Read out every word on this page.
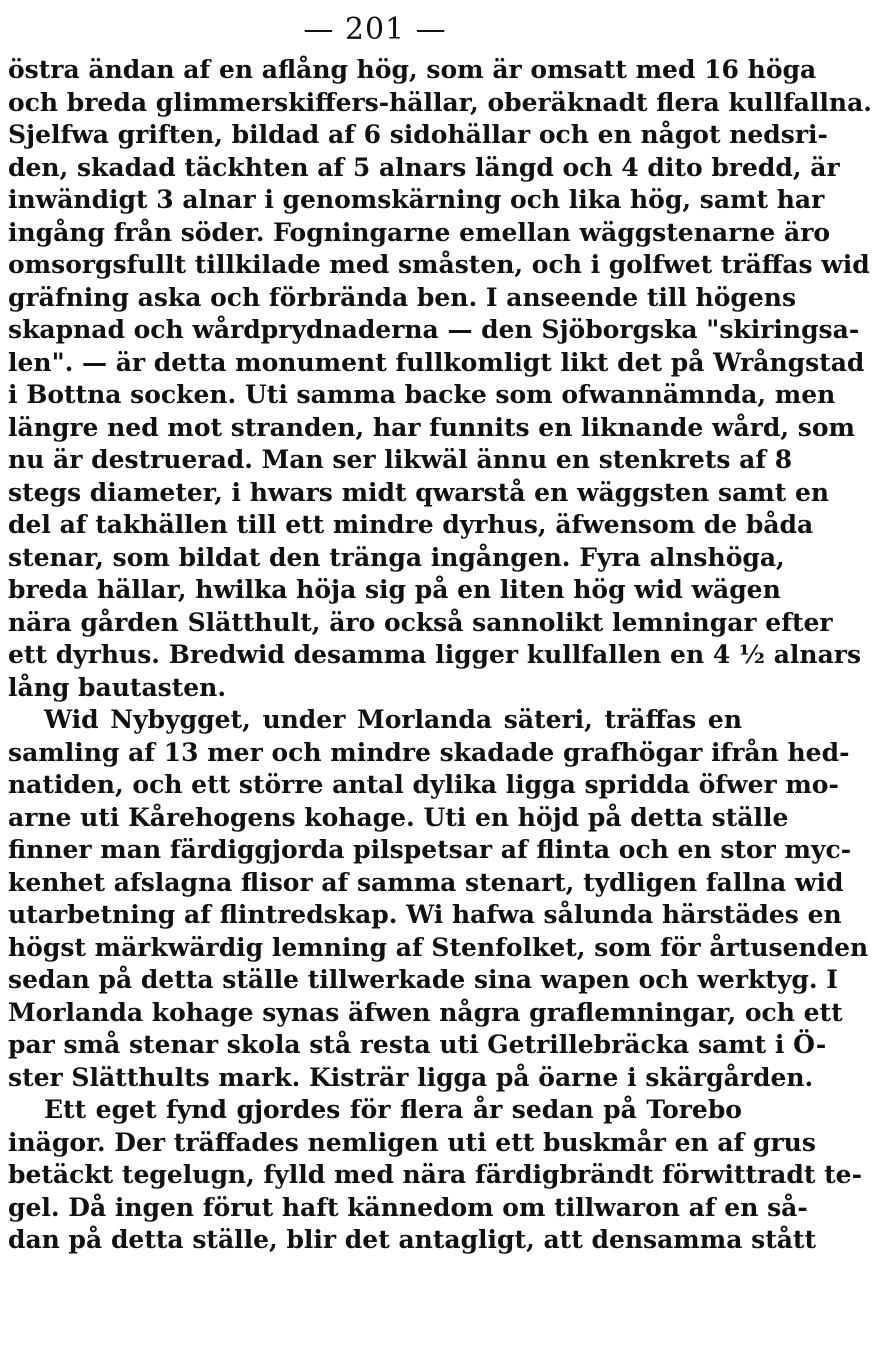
— 201 —
östra ändan af en aflång hög, som är omsatt med 16 höga
och breda glimmerskiffers-hällar, oberäknadt flera kullfallna.
Sjelfwa griften, bildad af 6 sidohällar och en något nedsri-
den, skadad täckhten af 5 alnars längd och 4 dito bredd, är
inwändigt 3 alnar i genomskärning och lika hög, samt har
ingång från söder. Fogningarne emellan wäggstenarne äro
omsorgsfullt tillkilade med småsten, och i golfwet träffas wid
gräfning aska och förbrända ben. I anseende till högens
skapnad och wårdprydnaderna — den Sjöborgska "skiringsa-
len". — är detta monument fullkomligt likt det på Wrångstad
i Bottna socken. Uti samma backe som ofwannämnda, men
längre ned mot stranden, har funnits en liknande wård, som
nu är destruerad. Man ser likwäl ännu en stenkrets af 8
stegs diameter, i hwars midt qwarstå en wäggsten samt en
del af takhällen till ett mindre dyrhus, äfwensom de båda
stenar, som bildat den tränga ingången. Fyra alnshöga,
breda hällar, hwilka höja sig på en liten hög wid wägen
nära gården Slätthult, äro också sannolikt lemningar efter
ett dyrhus. Bredwid desamma ligger kullfallen en 4 ½ alnars
lång bautasten.
Wid Nybygget, under Morlanda säteri, träffas en
samling af 13 mer och mindre skadade grafhögar ifrån hed-
natiden, och ett större antal dylika ligga spridda öfwer mo-
arne uti Kårehogens kohage. Uti en höjd på detta ställe
finner man färdiggjorda pilspetsar af flinta och en stor myc-
kenhet afslagna flisor af samma stenart, tydligen fallna wid
utarbetning af flintredskap. Wi hafwa sålunda härstädes en
högst märkwärdig lemning af Stenfolket, som för årtusenden
sedan på detta ställe tillwerkade sina wapen och werktyg. I
Morlanda kohage synas äfwen några graflemningar, och ett
par små stenar skola stå resta uti Getrillebräcka samt i Ö-
ster Slätthults mark. Kisträr ligga på öarne i skärgården.
Ett eget fynd gjordes för flera år sedan på Torebo
inägor. Der träffades nemligen uti ett buskmår en af grus
betäckt tegelugn, fylld med nära färdigbrändt förwittradt te-
gel. Då ingen förut haft kännedom om tillwaron af en så-
dan på detta ställe, blir det antagligt, att densamma stått
